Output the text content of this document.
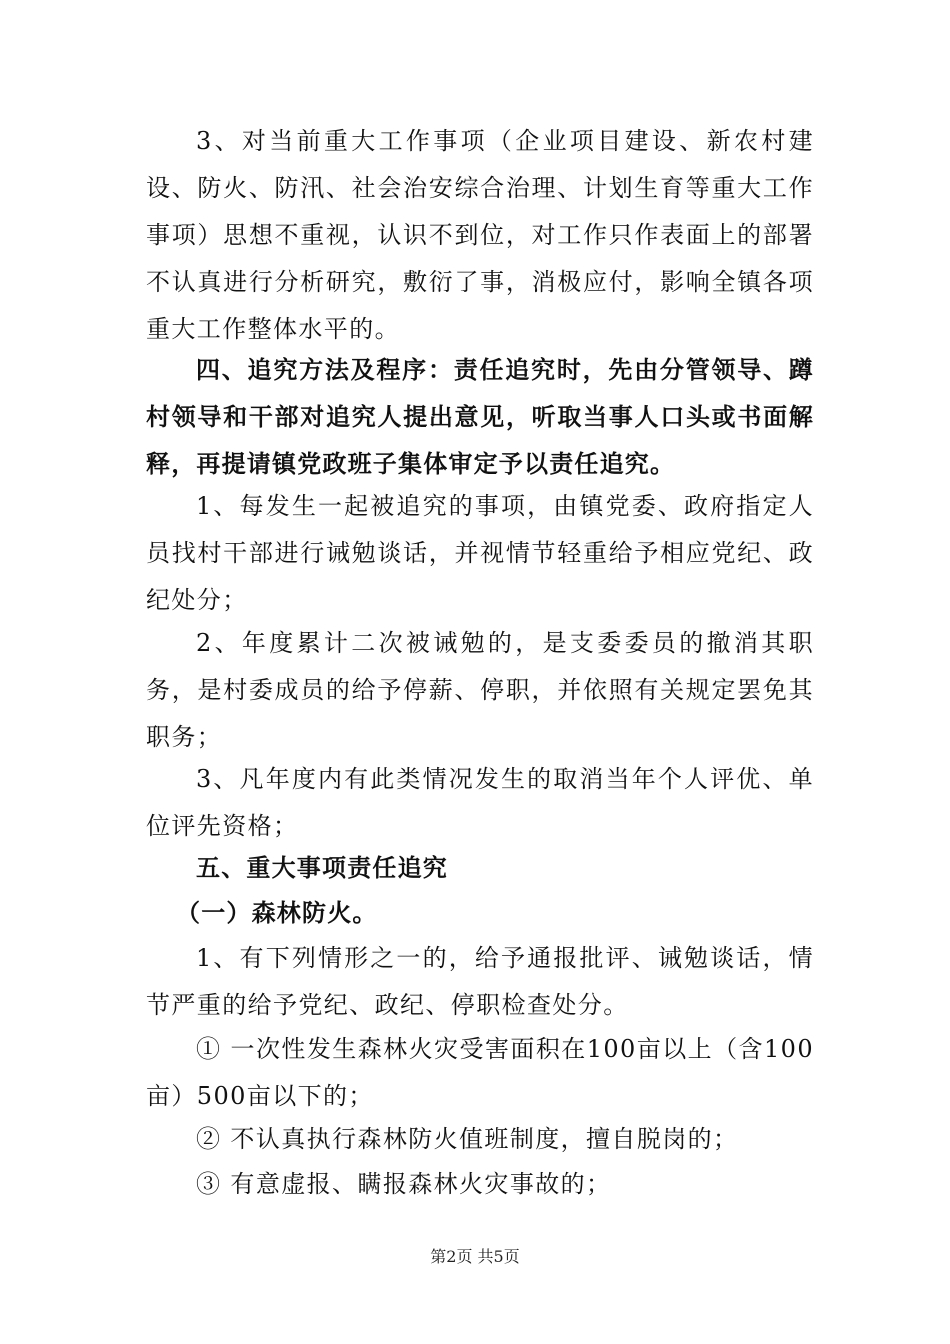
3、对当前重大工作事项（企业项目建设、新农村建设、防火、防汛、社会治安综合治理、计划生育等重大工作事项）思想不重视，认识不到位，对工作只作表面上的部署不认真进行分析研究，敷衍了事，消极应付，影响全镇各项重大工作整体水平的。

四、追究方法及程序：责任追究时，先由分管领导、蹲村领导和干部对追究人提出意见，听取当事人口头或书面解释，再提请镇党政班子集体审定予以责任追究。

1、每发生一起被追究的事项，由镇党委、政府指定人员找村干部进行诫勉谈话，并视情节轻重给予相应党纪、政纪处分；

2、年度累计二次被诫勉的，是支委委员的撤消其职务，是村委成员的给予停薪、停职，并依照有关规定罢免其职务；

3、凡年度内有此类情况发生的取消当年个人评优、单位评先资格；

五、重大事项责任追究

（一）森林防火。

1、有下列情形之一的，给予通报批评、诫勉谈话，情节严重的给予党纪、政纪、停职检查处分。

① 一次性发生森林火灾受害面积在100亩以上（含100亩）500亩以下的；

② 不认真执行森林防火值班制度，擅自脱岗的；

③ 有意虚报、瞒报森林火灾事故的；

第2页 共5页
